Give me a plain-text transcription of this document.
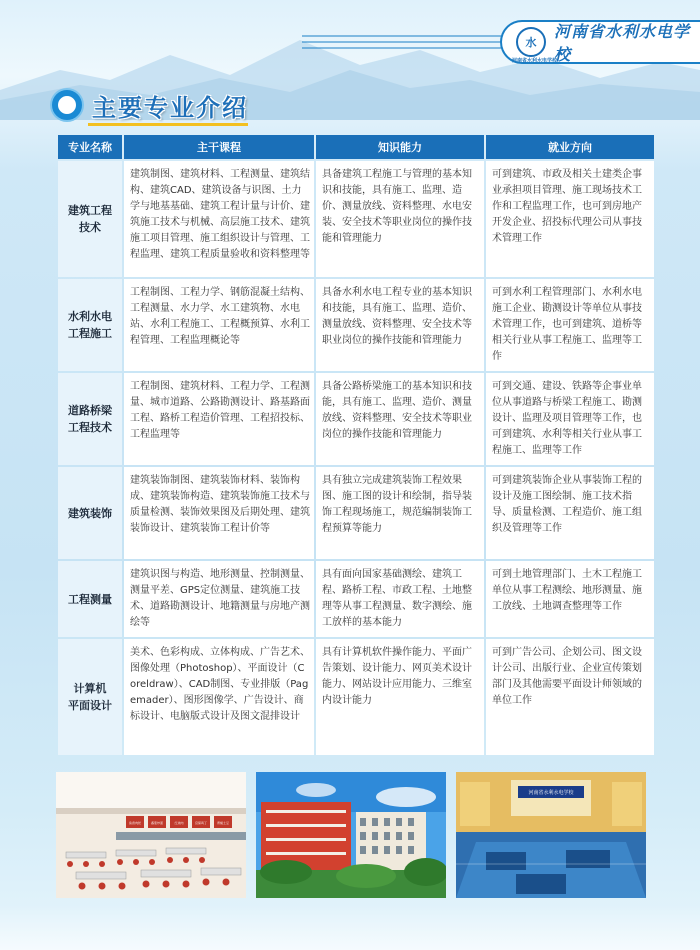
水
河南省水利水电学校
河南省水利水电学校
主要专业介绍
专业名称	主干课程	知识能力	就业方向
建筑工程
技术	建筑制图、建筑材料、工程测量、建筑结构、建筑CAD、建筑设备与识图、土力学与地基基础、建筑工程计量与计价、建筑施工技术与机械、高层施工技术、建筑施工项目管理、施工组织设计与管理、工程监理、建筑工程质量验收和资料整理等	具备建筑工程施工与管理的基本知识和技能，具有施工、监理、造价、测量放线、资料整理、水电安装、安全技术等职业岗位的操作技能和管理能力	可到建筑、市政及相关土建类企事业承担项目管理、施工现场技术工作和工程监理工作，也可到房地产开发企业、招投标代理公司从事技术管理工作
水利水电
工程施工	工程制图、工程力学、钢筋混凝土结构、工程测量、水力学、水工建筑物、水电站、水利工程施工、工程概预算、水利工程管理、工程监理概论等	具备水利水电工程专业的基本知识和技能，具有施工、监理、造价、测量放线、资料整理、安全技术等职业岗位的操作技能和管理能力	可到水利工程管理部门、水利水电施工企业、勘测设计等单位从事技术管理工作，也可到建筑、道桥等相关行业从事工程施工、监理等工作
道路桥梁
工程技术	工程制图、建筑材料、工程力学、工程测量、城市道路、公路勘测设计、路基路面工程、路桥工程造价管理、工程招投标、工程监理等	具备公路桥梁施工的基本知识和技能，具有施工、监理、造价、测量放线、资料整理、安全技术等职业岗位的操作技能和管理能力	可到交通、建设、铁路等企事业单位从事道路与桥梁工程施工、勘测设计、监理及项目管理等工作，也可到建筑、水利等相关行业从事工程施工、监理等工作
建筑装饰	建筑装饰制图、建筑装饰材料、装饰构成、建筑装饰构造、建筑装饰施工技术与质量检测、装饰效果图及后期处理、建筑装饰设计、建筑装饰工程计价等	具有独立完成建筑装饰工程效果图、施工图的设计和绘制，指导装饰工程现场施工，规范编制装饰工程预算等能力	可到建筑装饰企业从事装饰工程的设计及施工图绘制、施工技术指导、质量检测、工程造价、施工组织及管理等工作
工程测量	建筑识图与构造、地形测量、控制测量、测量平差、GPS定位测量、建筑施工技术、道路勘测设计、地籍测量与房地产测绘等	具有面向国家基础测绘、建筑工程、路桥工程、市政工程、土地整理等从事工程测量、数字测绘、施工放样的基本能力	可到土地管理部门、土木工程施工单位从事工程测绘、地形测量、施工放线、土地调查整理等工作
计算机
平面设计	美术、色彩构成、立体构成、广告艺术、图像处理（Photoshop）、平面设计（Coreldraw）、CAD制图、专业排版（Pagemader）、图形图像学、广告设计、商标设计、电脑版式设计及图文混排设计	具有计算机软件操作能力、平面广告策划、设计能力、网页美术设计能力、网站设计应用能力、三维室内设计能力	可到广告公司、企划公司、图文设计公司、出版行业、企业宣传策划部门及其他需要平面设计师领域的单位工作
鱼香肉丝	番茄炒蛋	红烧肉	宫保鸡丁	青椒土豆
河南省水利水电学校
